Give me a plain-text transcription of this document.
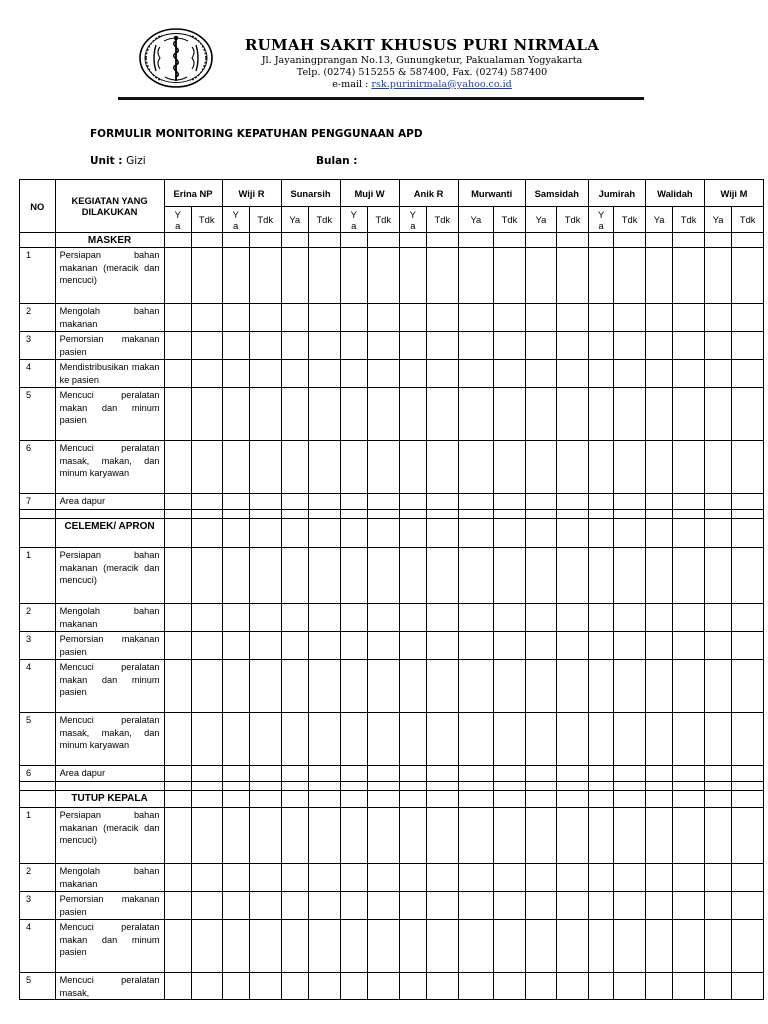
RUMAH SAKIT KHUSUS PURI NIRMALA
Jl. Jayaningprangan No.13, Gunungketur, Pakualaman Yogyakarta
Telp. (0274) 515255 & 587400, Fax. (0274) 587400
e-mail : rsk.purinirmala@yahoo.co.id
FORMULIR MONITORING KEPATUHAN PENGGUNAAN APD
Unit : Gizi	Bulan :
NO	KEGIATAN YANG DILAKUKAN	Erina NP		Wiji R		Sunarsih		Muji W		Anik R		Murwanti		Samsidah		Jumirah		Walidah		Wiji M	
		Ya	Tdk	Ya	Tdk	Ya	Tdk	Ya	Tdk	Ya	Tdk	Ya	Tdk	Ya	Tdk	Ya	Tdk	Ya	Tdk	Ya	Tdk
	MASKER																				
1	Persiapan bahan makanan (meracik dan mencuci)																				
2	Mengolah bahan makanan																				
3	Pemorsian makanan pasien																				
4	Mendistribusikan makan ke pasien																				
5	Mencuci peralatan makan dan minum pasien																				
6	Mencuci peralatan masak, makan, dan minum karyawan																				
7	Area dapur																				

	CELEMEK/ APRON																				
1	Persiapan bahan makanan (meracik dan mencuci)																				
2	Mengolah bahan makanan																				
3	Pemorsian makanan pasien																				
4	Mencuci peralatan makan dan minum pasien																				
5	Mencuci peralatan masak, makan, dan minum karyawan																				
6	Area dapur																				

	TUTUP KEPALA																				
1	Persiapan bahan makanan (meracik dan mencuci)																				
2	Mengolah bahan makanan																				
3	Pemorsian makanan pasien																				
4	Mencuci peralatan makan dan minum pasien																				
5	Mencuci peralatan masak,																				
